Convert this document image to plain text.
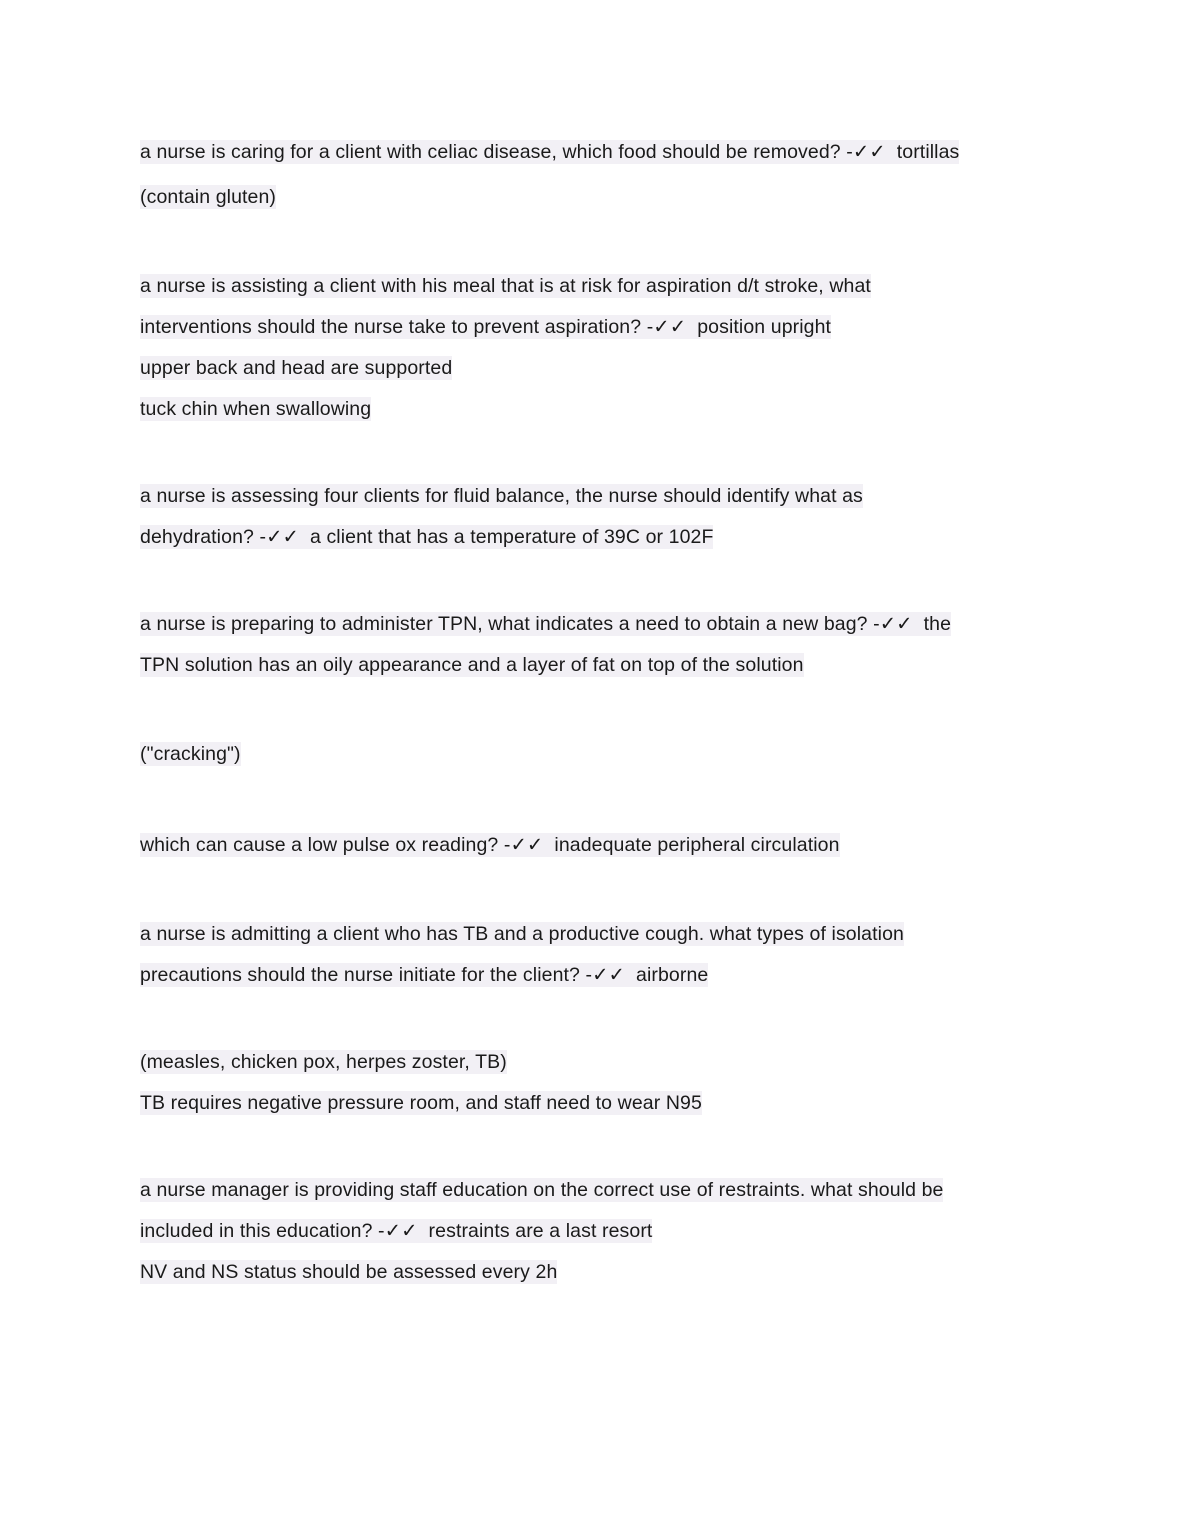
a nurse is caring for a client with celiac disease, which food should be removed? -✓✓  tortillas

(contain gluten)

a nurse is assisting a client with his meal that is at risk for aspiration d/t stroke, what

interventions should the nurse take to prevent aspiration? -✓✓  position upright

upper back and head are supported

tuck chin when swallowing

a nurse is assessing four clients for fluid balance, the nurse should identify what as

dehydration? -✓✓  a client that has a temperature of 39C or 102F

a nurse is preparing to administer TPN, what indicates a need to obtain a new bag? -✓✓  the

TPN solution has an oily appearance and a layer of fat on top of the solution

("cracking")

which can cause a low pulse ox reading? -✓✓  inadequate peripheral circulation

a nurse is admitting a client who has TB and a productive cough. what types of isolation

precautions should the nurse initiate for the client? -✓✓  airborne

(measles, chicken pox, herpes zoster, TB)

TB requires negative pressure room, and staff need to wear N95

a nurse manager is providing staff education on the correct use of restraints. what should be

included in this education? -✓✓  restraints are a last resort

NV and NS status should be assessed every 2h
